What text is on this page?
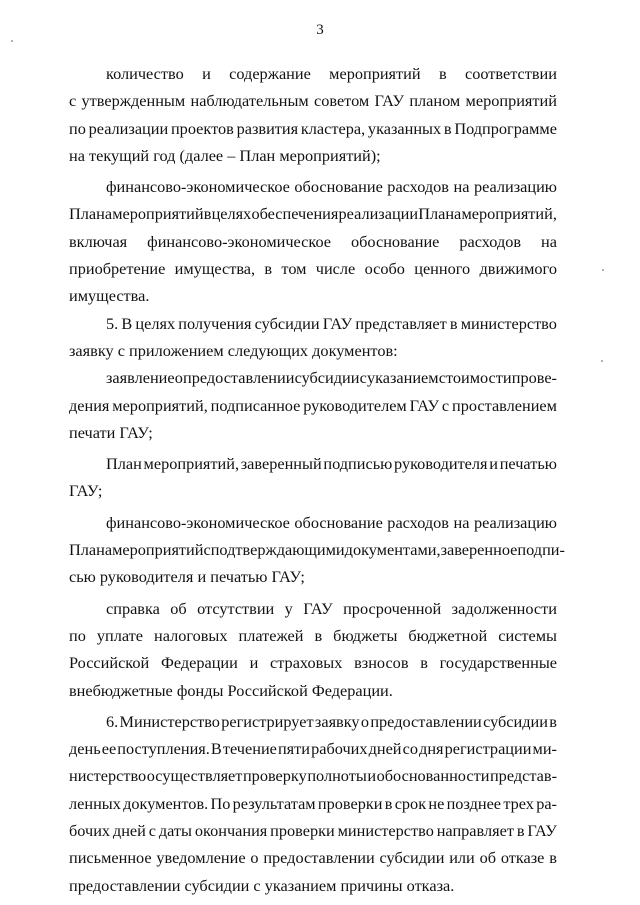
3
количество и содержание мероприятий в соответствии
с утвержденным наблюдательным советом ГАУ планом мероприятий
по реализации проектов развития кластера, указанных в Подпрограмме
на текущий год (далее – План мероприятий);
финансово-экономическое обоснование расходов на реализацию
Плана мероприятий в целях обеспечения реализации Плана мероприятий,
включая финансово-экономическое обоснование расходов на
приобретение имущества, в том числе особо ценного движимого
имущества.
5. В целях получения субсидии ГАУ представляет в министерство
заявку с приложением следующих документов:
заявление о предоставлении субсидии с указанием стоимости прове-
дения мероприятий, подписанное руководителем ГАУ с проставлением
печати ГАУ;
План мероприятий, заверенный подписью руководителя и печатью
ГАУ;
финансово-экономическое обоснование расходов на реализацию
Плана мероприятий с подтверждающими документами, заверенное подпи-
сью руководителя и печатью ГАУ;
справка об отсутствии у ГАУ просроченной задолженности
по уплате налоговых платежей в бюджеты бюджетной системы
Российской Федерации и страховых взносов в государственные
внебюджетные фонды Российской Федерации.
6. Министерство регистрирует заявку о предоставлении субсидии в
день ее поступления. В течение пяти рабочих дней со дня регистрации ми-
нистерство осуществляет проверку полноты и обоснованности представ-
ленных документов. По результатам проверки в срок не позднее трех ра-
бочих дней с даты окончания проверки министерство направляет в ГАУ
письменное уведомление о предоставлении субсидии или об отказе в
предоставлении субсидии с указанием причины отказа.
